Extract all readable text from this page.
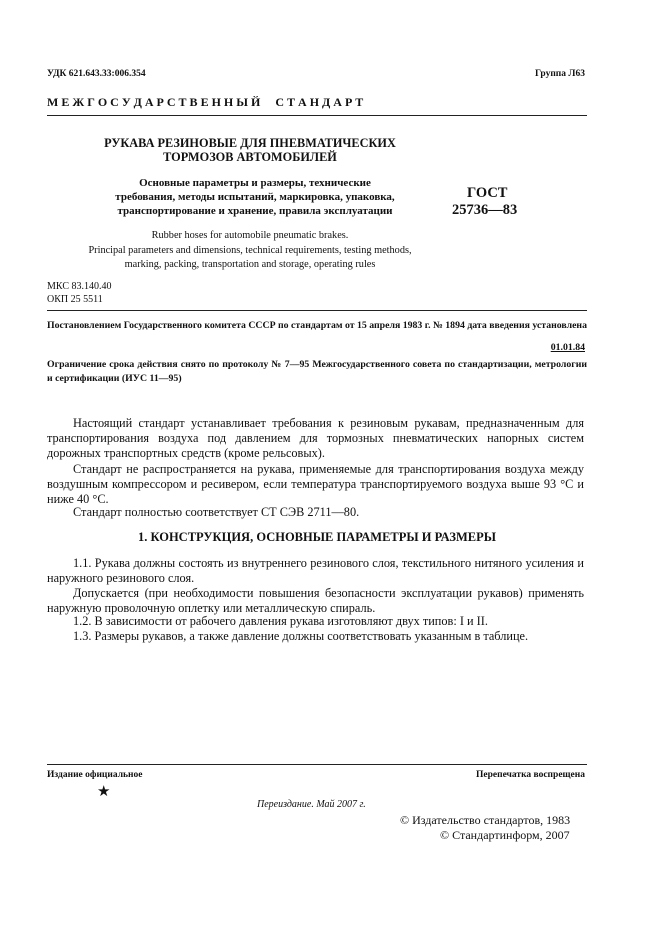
УДК 621.643.33:006.354	Группа Л63
М Е Ж Г О С У Д А Р С Т В Е Н Н Ы Й     С Т А Н Д А Р Т
РУКАВА РЕЗИНОВЫЕ ДЛЯ ПНЕВМАТИЧЕСКИХ
ТОРМОЗОВ АВТОМОБИЛЕЙ
Основные параметры и размеры, технические
требования, методы испытаний, маркировка, упаковка,
транспортирование и хранение, правила эксплуатации
ГОСТ
25736—83
Rubber hoses for automobile pneumatic brakes.
Principal parameters and dimensions, technical requirements, testing methods,
marking, packing, transportation and storage, operating rules
МКС 83.140.40
ОКП 25 5511
Постановлением Государственного комитета СССР по стандартам от 15 апреля 1983 г. № 1894 дата введения установлена
01.01.84
Ограничение срока действия снято по протоколу № 7—95 Межгосударственного совета по стандартизации, метрологии и сертификации (ИУС 11—95)
Настоящий стандарт устанавливает требования к резиновым рукавам, предназначенным для транспортирования воздуха под давлением для тормозных пневматических напорных систем дорожных транспортных средств (кроме рельсовых).
Стандарт не распространяется на рукава, применяемые для транспортирования воздуха между воздушным компрессором и ресивером, если температура транспортируемого воздуха выше 93 °С и ниже 40 °С.
Стандарт полностью соответствует СТ СЭВ 2711—80.
1. КОНСТРУКЦИЯ, ОСНОВНЫЕ ПАРАМЕТРЫ И РАЗМЕРЫ
1.1. Рукава должны состоять из внутреннего резинового слоя, текстильного нитяного усиления и наружного резинового слоя.
Допускается (при необходимости повышения безопасности эксплуатации рукавов) применять наружную проволочную оплетку или металлическую спираль.
1.2. В зависимости от рабочего давления рукава изготовляют двух типов: I и II.
1.3. Размеры рукавов, а также давление должны соответствовать указанным в таблице.
Издание официальное	Перепечатка воспрещена
★
Переиздание. Май 2007 г.
© Издательство стандартов, 1983
© Стандартинформ, 2007
